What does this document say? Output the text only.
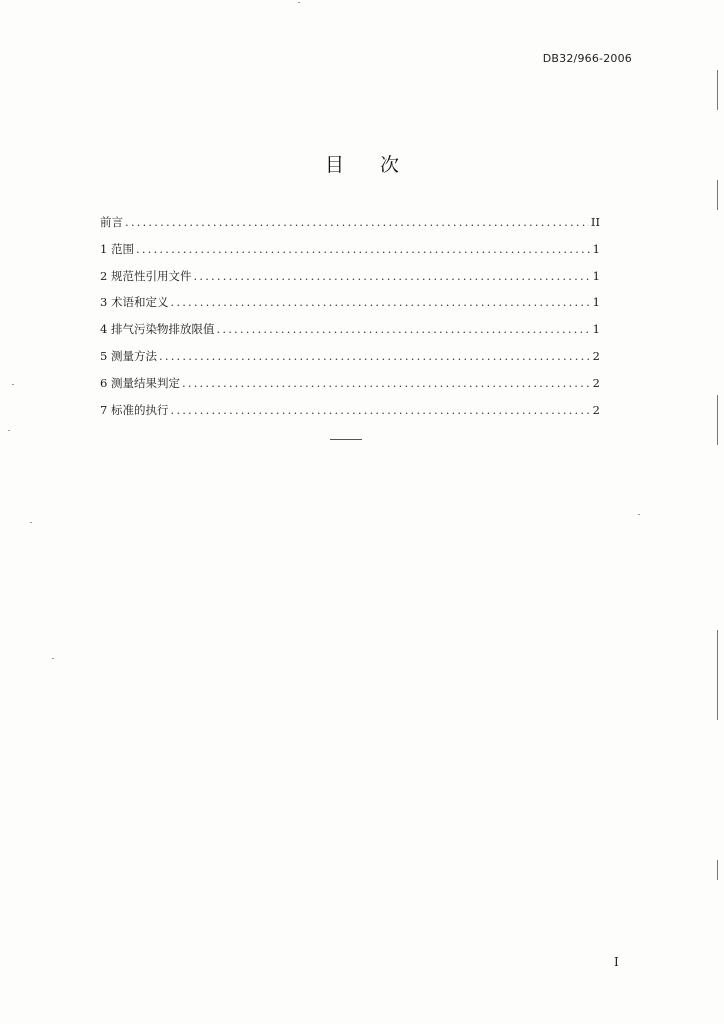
DB32/966-2006
目 次
前言 .....	II
1 范围 .....	1
2 规范性引用文件 .....	1
3 术语和定义 .....	1
4 排气污染物排放限值 .....	1
5 测量方法 .....	2
6 测量结果判定 .....	2
7 标准的执行 .....	2
I
